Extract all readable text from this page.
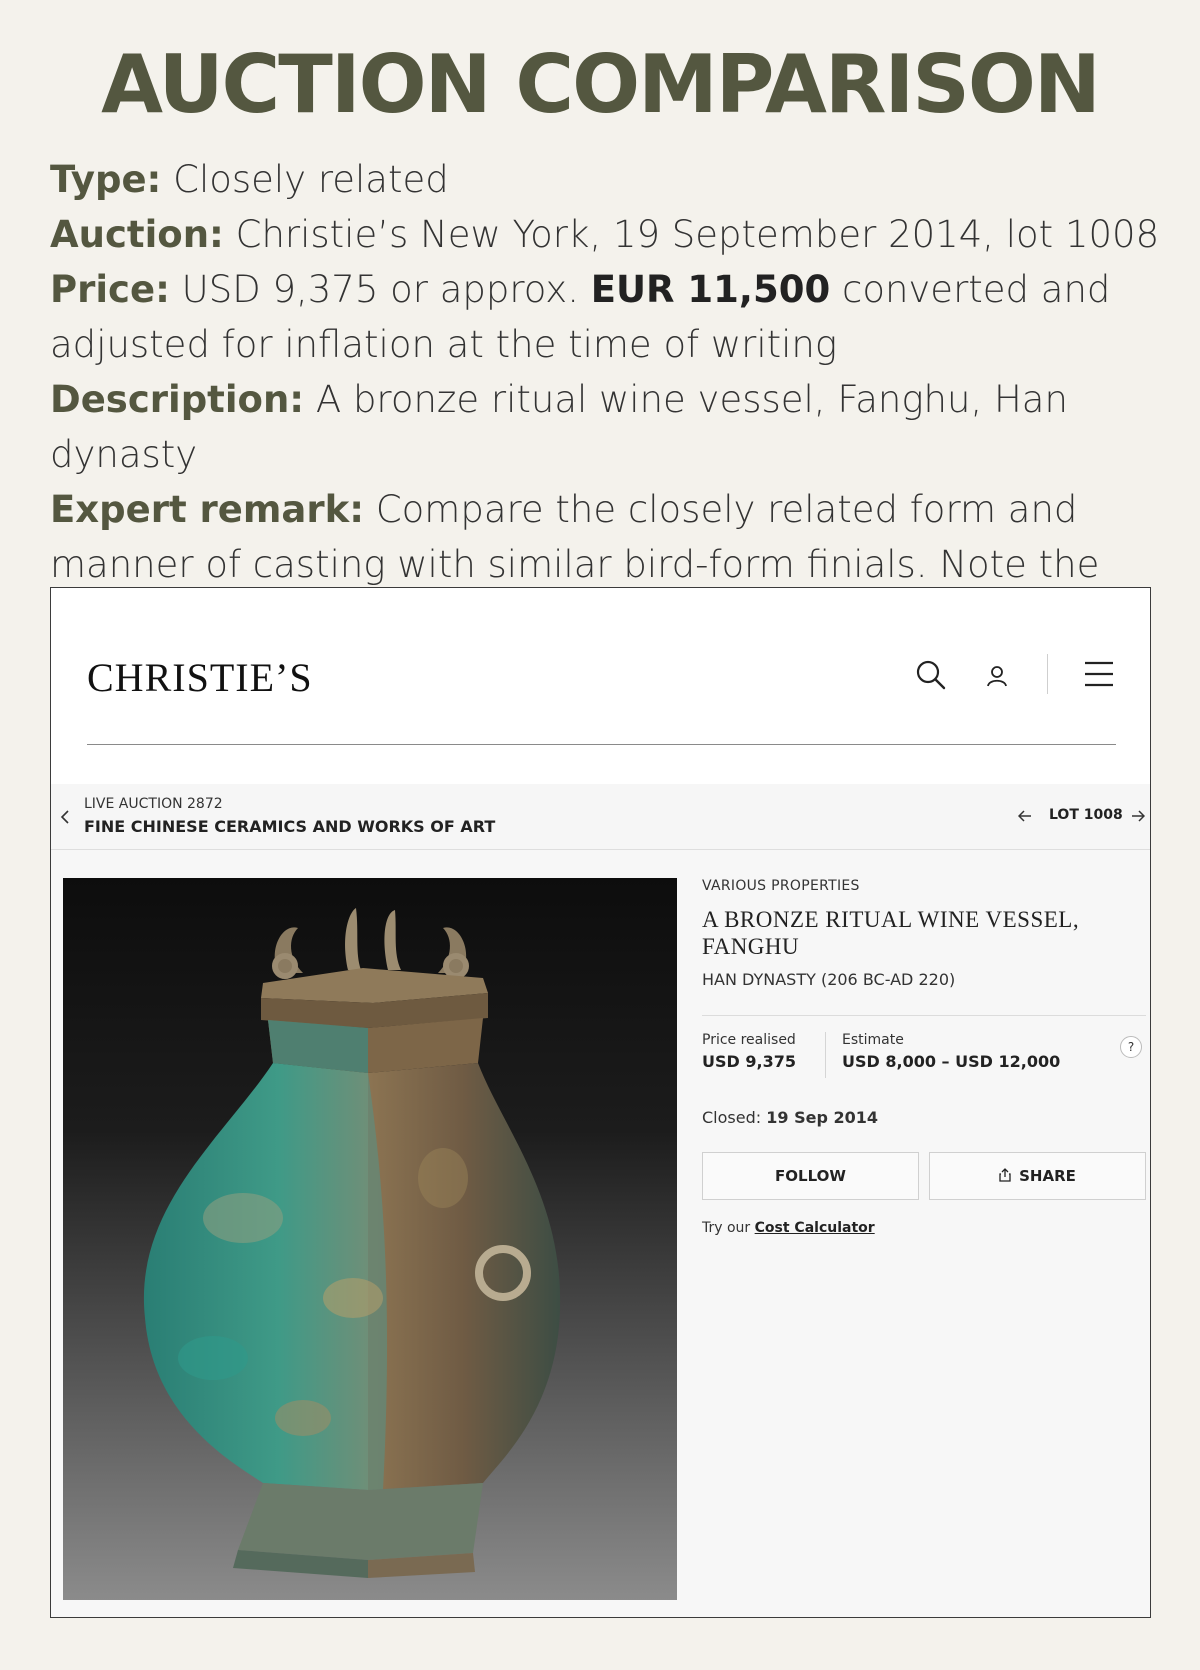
AUCTION COMPARISON

Type: Closely related

Auction: Christie’s New York, 19 September 2014, lot 1008

Price: USD 9,375 or approx. EUR 11,500 converted and adjusted for inflation at the time of writing

Description: A bronze ritual wine vessel, Fanghu, Han dynasty

Expert remark: Compare the closely related form and manner of casting with similar bird-form finials. Note the

CHRISTIE’S
LIVE AUCTION 2872
FINE CHINESE CERAMICS AND WORKS OF ART
LOT 1008
VARIOUS PROPERTIES
A BRONZE RITUAL WINE VESSEL, FANGHU
HAN DYNASTY (206 BC-AD 220)
Price realised
USD 9,375
Estimate
USD 8,000 – USD 12,000
?
Closed: 19 Sep 2014
FOLLOW	SHARE
Try our Cost Calculator
